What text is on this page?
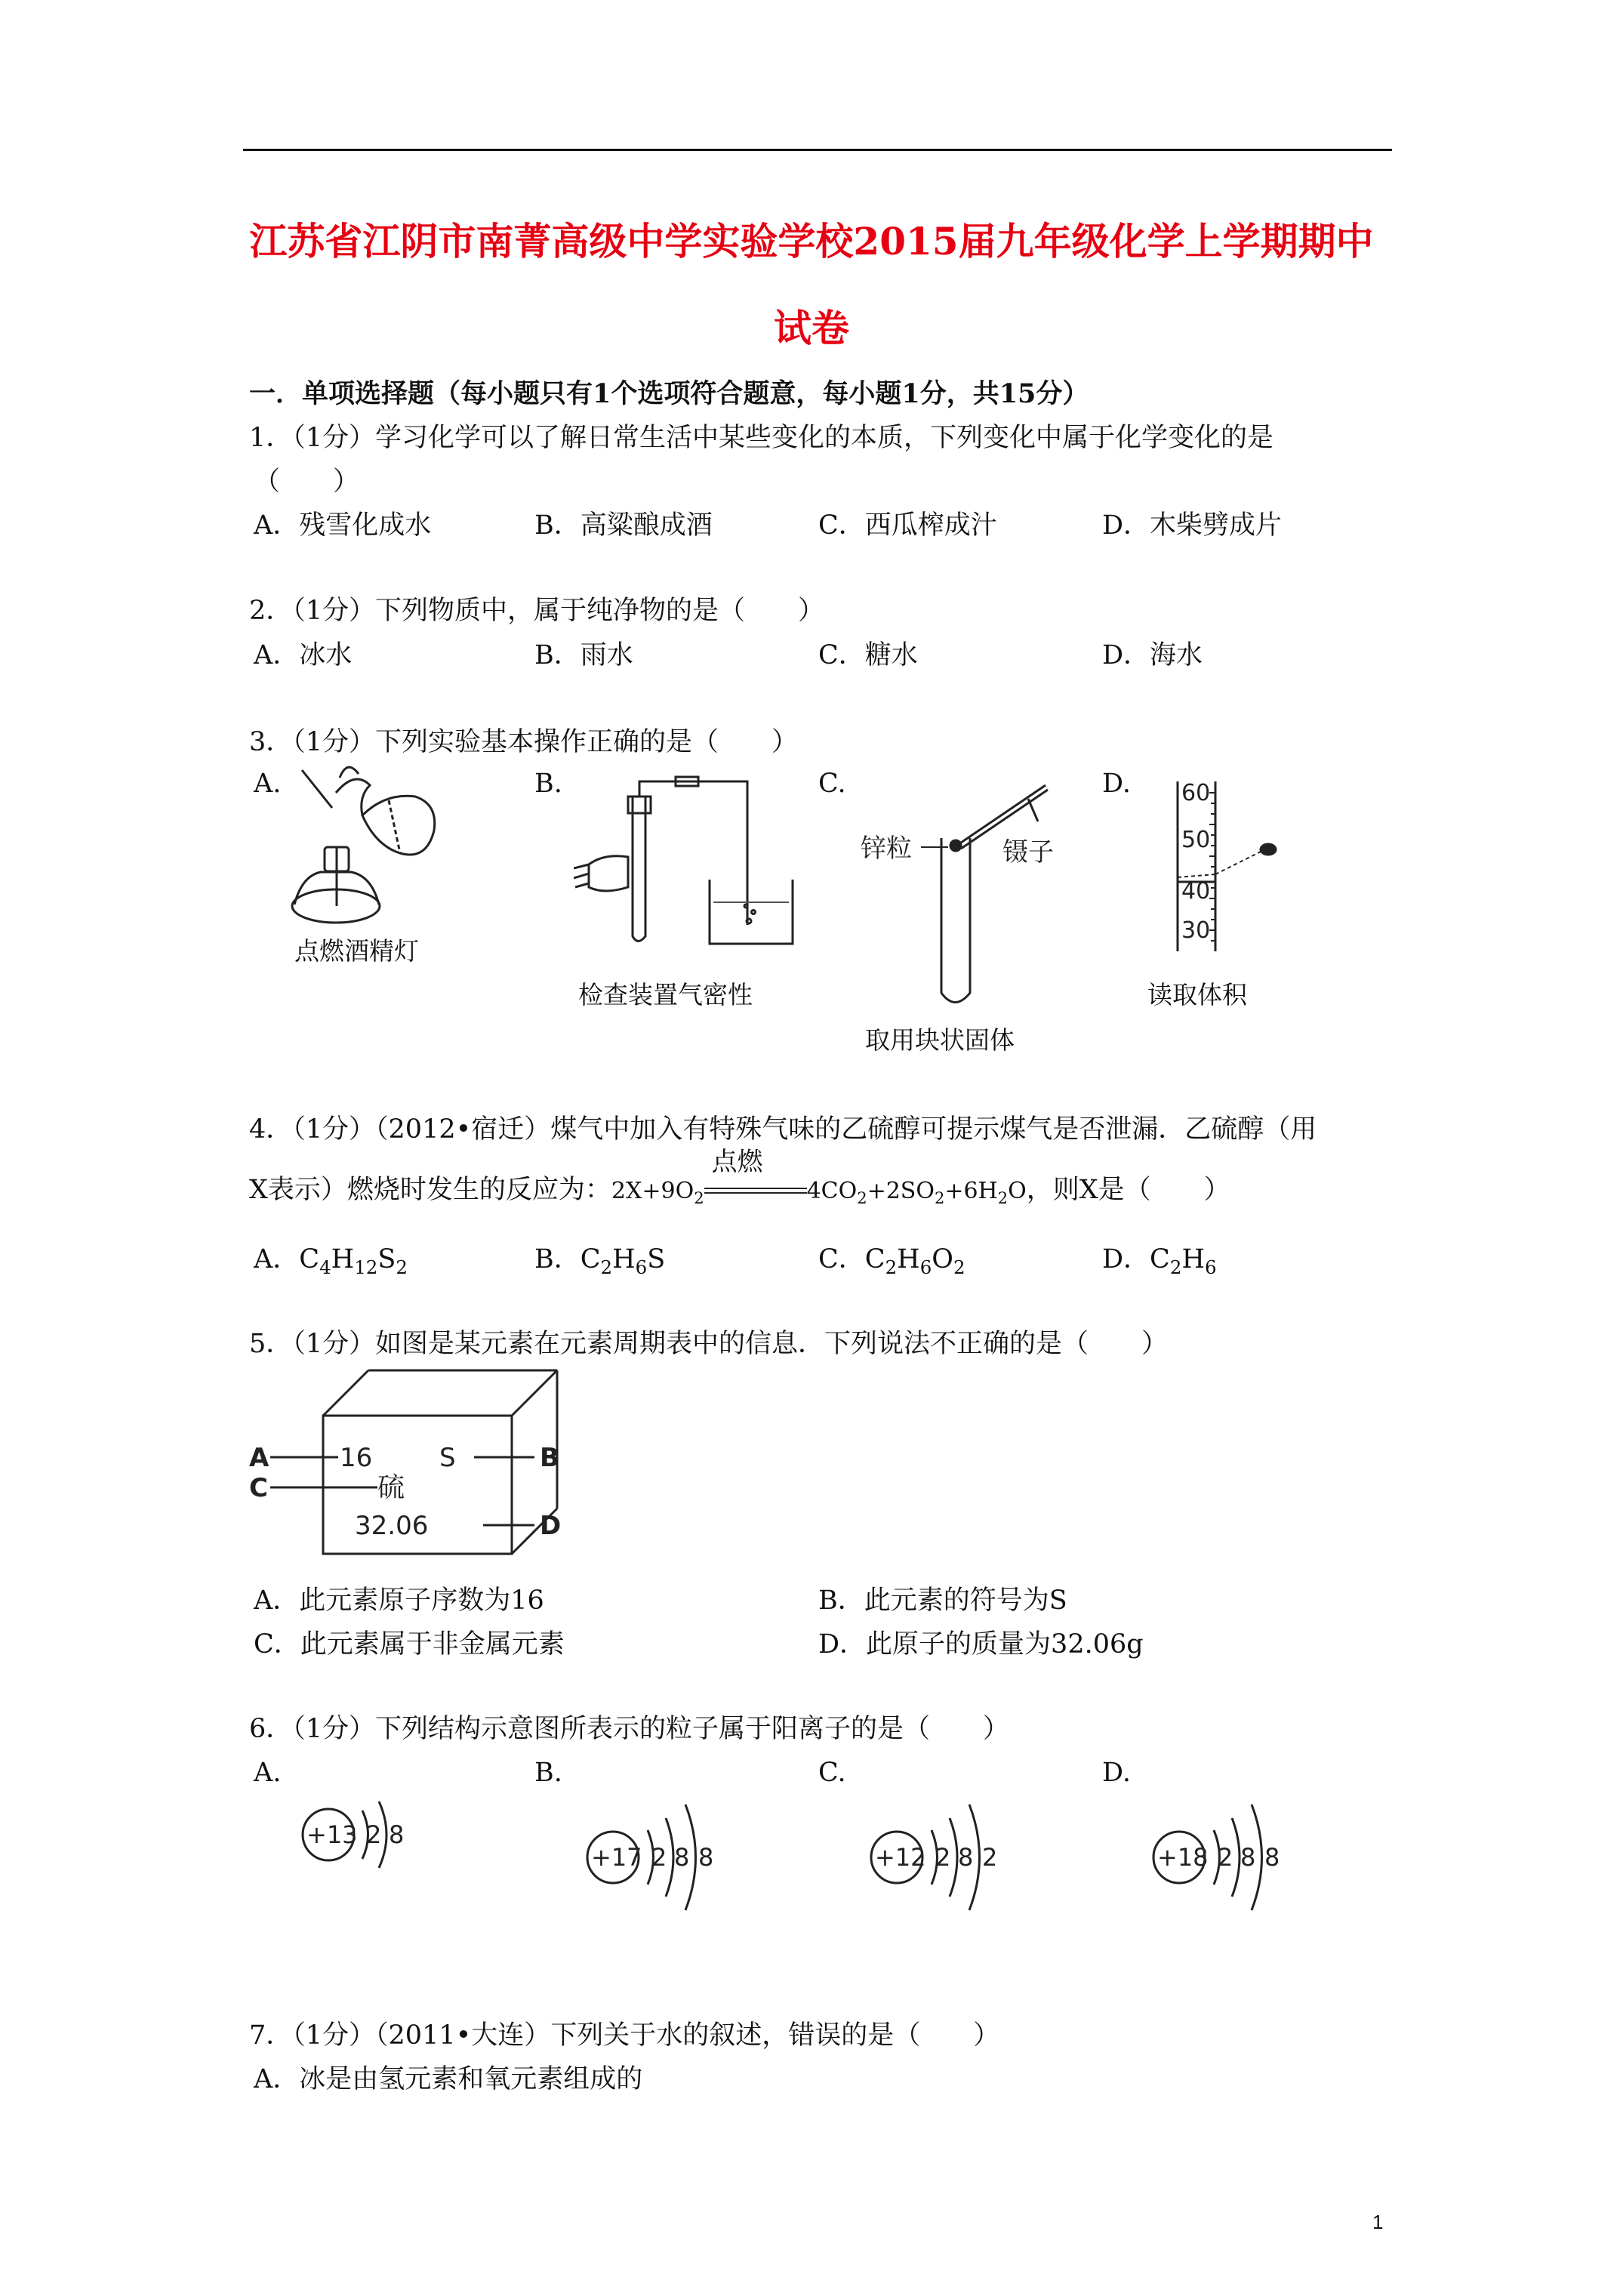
江苏省江阴市南菁高级中学实验学校2015届九年级化学上学期期中
试卷
一．单项选择题（每小题只有1个选项符合题意，每小题1分，共15分）
1．（1分）学习化学可以了解日常生活中某些变化的本质，下列变化中属于化学变化的是
（　　）
A．残雪化成水	B．高粱酿成酒	C．西瓜榨成汁	D．木柴劈成片
2．（1分）下列物质中，属于纯净物的是（　　）
A．冰水	B．雨水	C．糖水	D．海水
3．（1分）下列实验基本操作正确的是（　　）
A.	B.	C.	D.
点燃酒精灯
检查装置气密性
锌粒	镊子
取用块状固体
60
50
40
30
读取体积
4．（1分）（2012•宿迁）煤气中加入有特殊气味的乙硫醇可提示煤气是否泄漏．乙硫醇（用
X表示）燃烧时发生的反应为：$2X+9O_2$
点燃
$4CO_2+2SO_2+6H_2O$，则X是（　　）
A．$C_4H_{12}S_2$	B．$C_2H_6S$	C．$C_2H_6O_2$	D．$C_2H_6$
5．（1分）如图是某元素在元素周期表中的信息．下列说法不正确的是（　　）
A
C
16	S
硫
32.06
B
D
A．此元素原子序数为16	B．此元素的符号为S
C．此元素属于非金属元素	D．此原子的质量为32.06g
6．（1分）下列结构示意图所表示的粒子属于阳离子的是（　　）
A.	B.	C.	D.
+13 2 8
+17 2 8 8	+12 2 8 2	+18 2 8 8
7．（1分）（2011•大连）下列关于水的叙述，错误的是（　　）
A．冰是由氢元素和氧元素组成的
1
